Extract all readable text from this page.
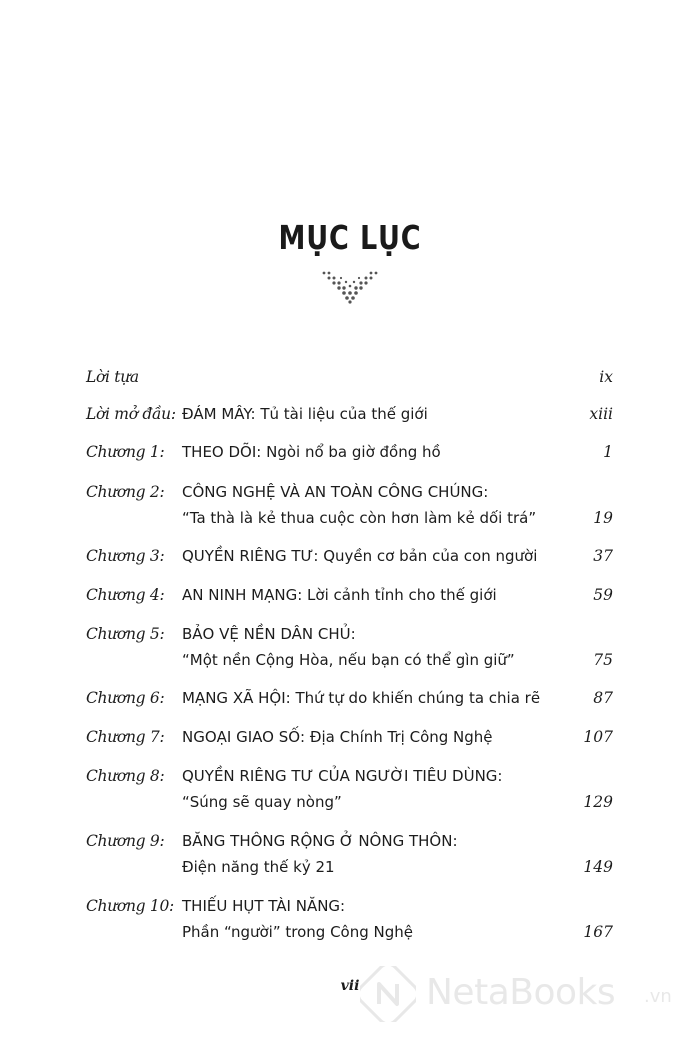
MỤC LỤC
Lời tựa	ix
Lời mở đầu: ĐÁM MÂY: Tủ tài liệu của thế giới	xiii
Chương 1: THEO DÕI: Ngòi nổ ba giờ đồng hồ	1
Chương 2: CÔNG NGHỆ VÀ AN TOÀN CÔNG CHÚNG:
“Ta thà là kẻ thua cuộc còn hơn làm kẻ dối trá”	19
Chương 3: QUYỀN RIÊNG TƯ: Quyền cơ bản của con người	37
Chương 4: AN NINH MẠNG: Lời cảnh tỉnh cho thế giới	59
Chương 5: BẢO VỆ NỀN DÂN CHỦ:
“Một nền Cộng Hòa, nếu bạn có thể gìn giữ”	75
Chương 6: MẠNG XÃ HỘI: Thứ tự do khiến chúng ta chia rẽ	87
Chương 7: NGOẠI GIAO SỐ: Địa Chính Trị Công Nghệ	107
Chương 8: QUYỀN RIÊNG TƯ CỦA NGƯỜI TIÊU DÙNG:
“Súng sẽ quay nòng”	129
Chương 9: BĂNG THÔNG RỘNG Ở NÔNG THÔN:
Điện năng thế kỷ 21	149
Chương 10: THIẾU HỤT TÀI NĂNG:
Phần “người” trong Công Nghệ	167
vii	NetaBooks .vn
